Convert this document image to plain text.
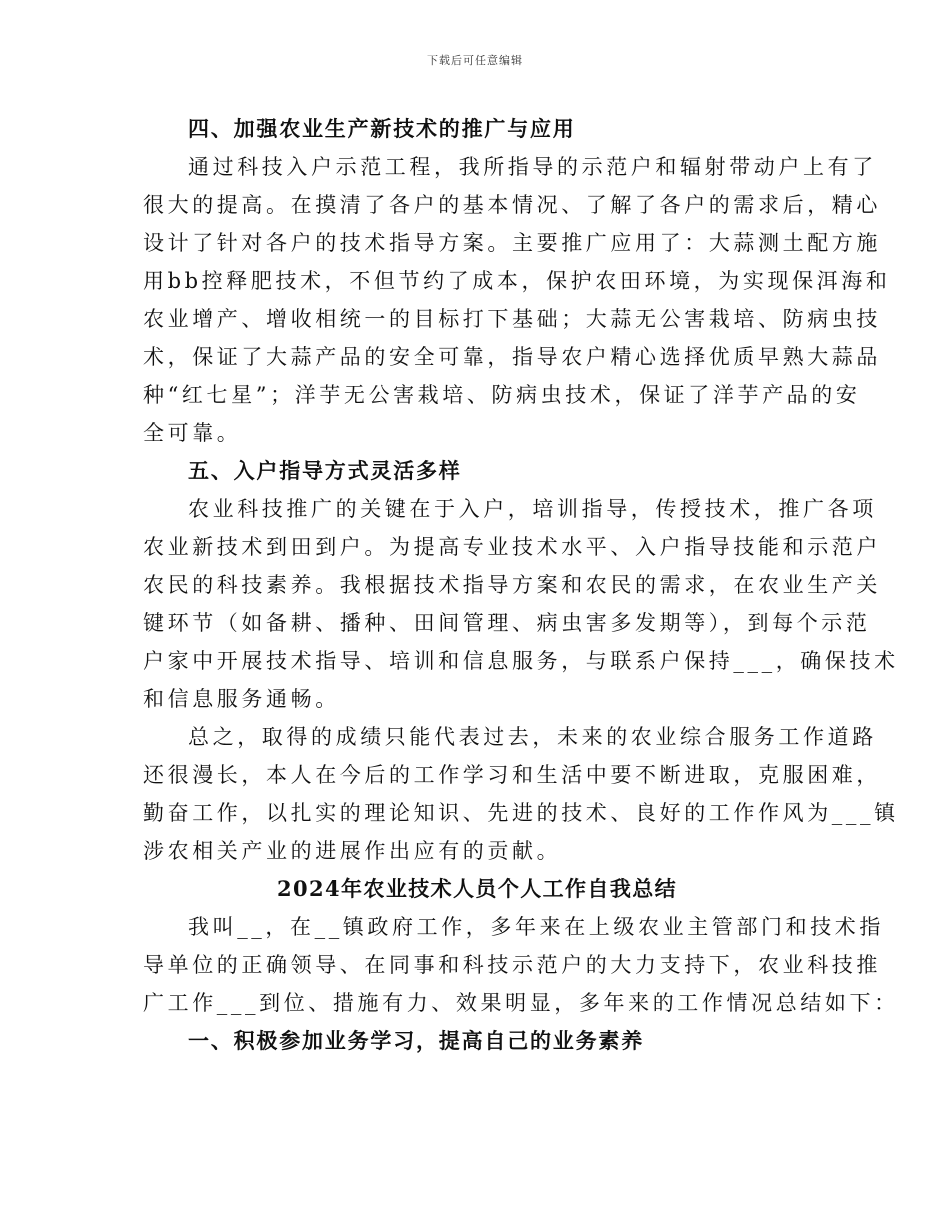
下载后可任意编辑
四、加强农业生产新技术的推广与应用
通过科技入户示范工程，我所指导的示范户和辐射带动户上有了
很大的提高。在摸清了各户的基本情况、了解了各户的需求后，精心
设计了针对各户的技术指导方案。主要推广应用了：大蒜测土配方施
用bb控释肥技术，不但节约了成本，保护农田环境，为实现保洱海和
农业增产、增收相统一的目标打下基础；大蒜无公害栽培、防病虫技
术，保证了大蒜产品的安全可靠，指导农户精心选择优质早熟大蒜品
种“红七星”；洋芋无公害栽培、防病虫技术，保证了洋芋产品的安
全可靠。
五、入户指导方式灵活多样
农业科技推广的关键在于入户，培训指导，传授技术，推广各项
农业新技术到田到户。为提高专业技术水平、入户指导技能和示范户
农民的科技素养。我根据技术指导方案和农民的需求，在农业生产关
键环节（如备耕、播种、田间管理、病虫害多发期等），到每个示范
户家中开展技术指导、培训和信息服务，与联系户保持___，确保技术
和信息服务通畅。
总之，取得的成绩只能代表过去，未来的农业综合服务工作道路
还很漫长，本人在今后的工作学习和生活中要不断进取，克服困难，
勤奋工作，以扎实的理论知识、先进的技术、良好的工作作风为___镇
涉农相关产业的进展作出应有的贡献。
2024年农业技术人员个人工作自我总结
我叫__，在__镇政府工作，多年来在上级农业主管部门和技术指
导单位的正确领导、在同事和科技示范户的大力支持下，农业科技推
广工作___到位、措施有力、效果明显，多年来的工作情况总结如下：
一、积极参加业务学习，提高自己的业务素养
